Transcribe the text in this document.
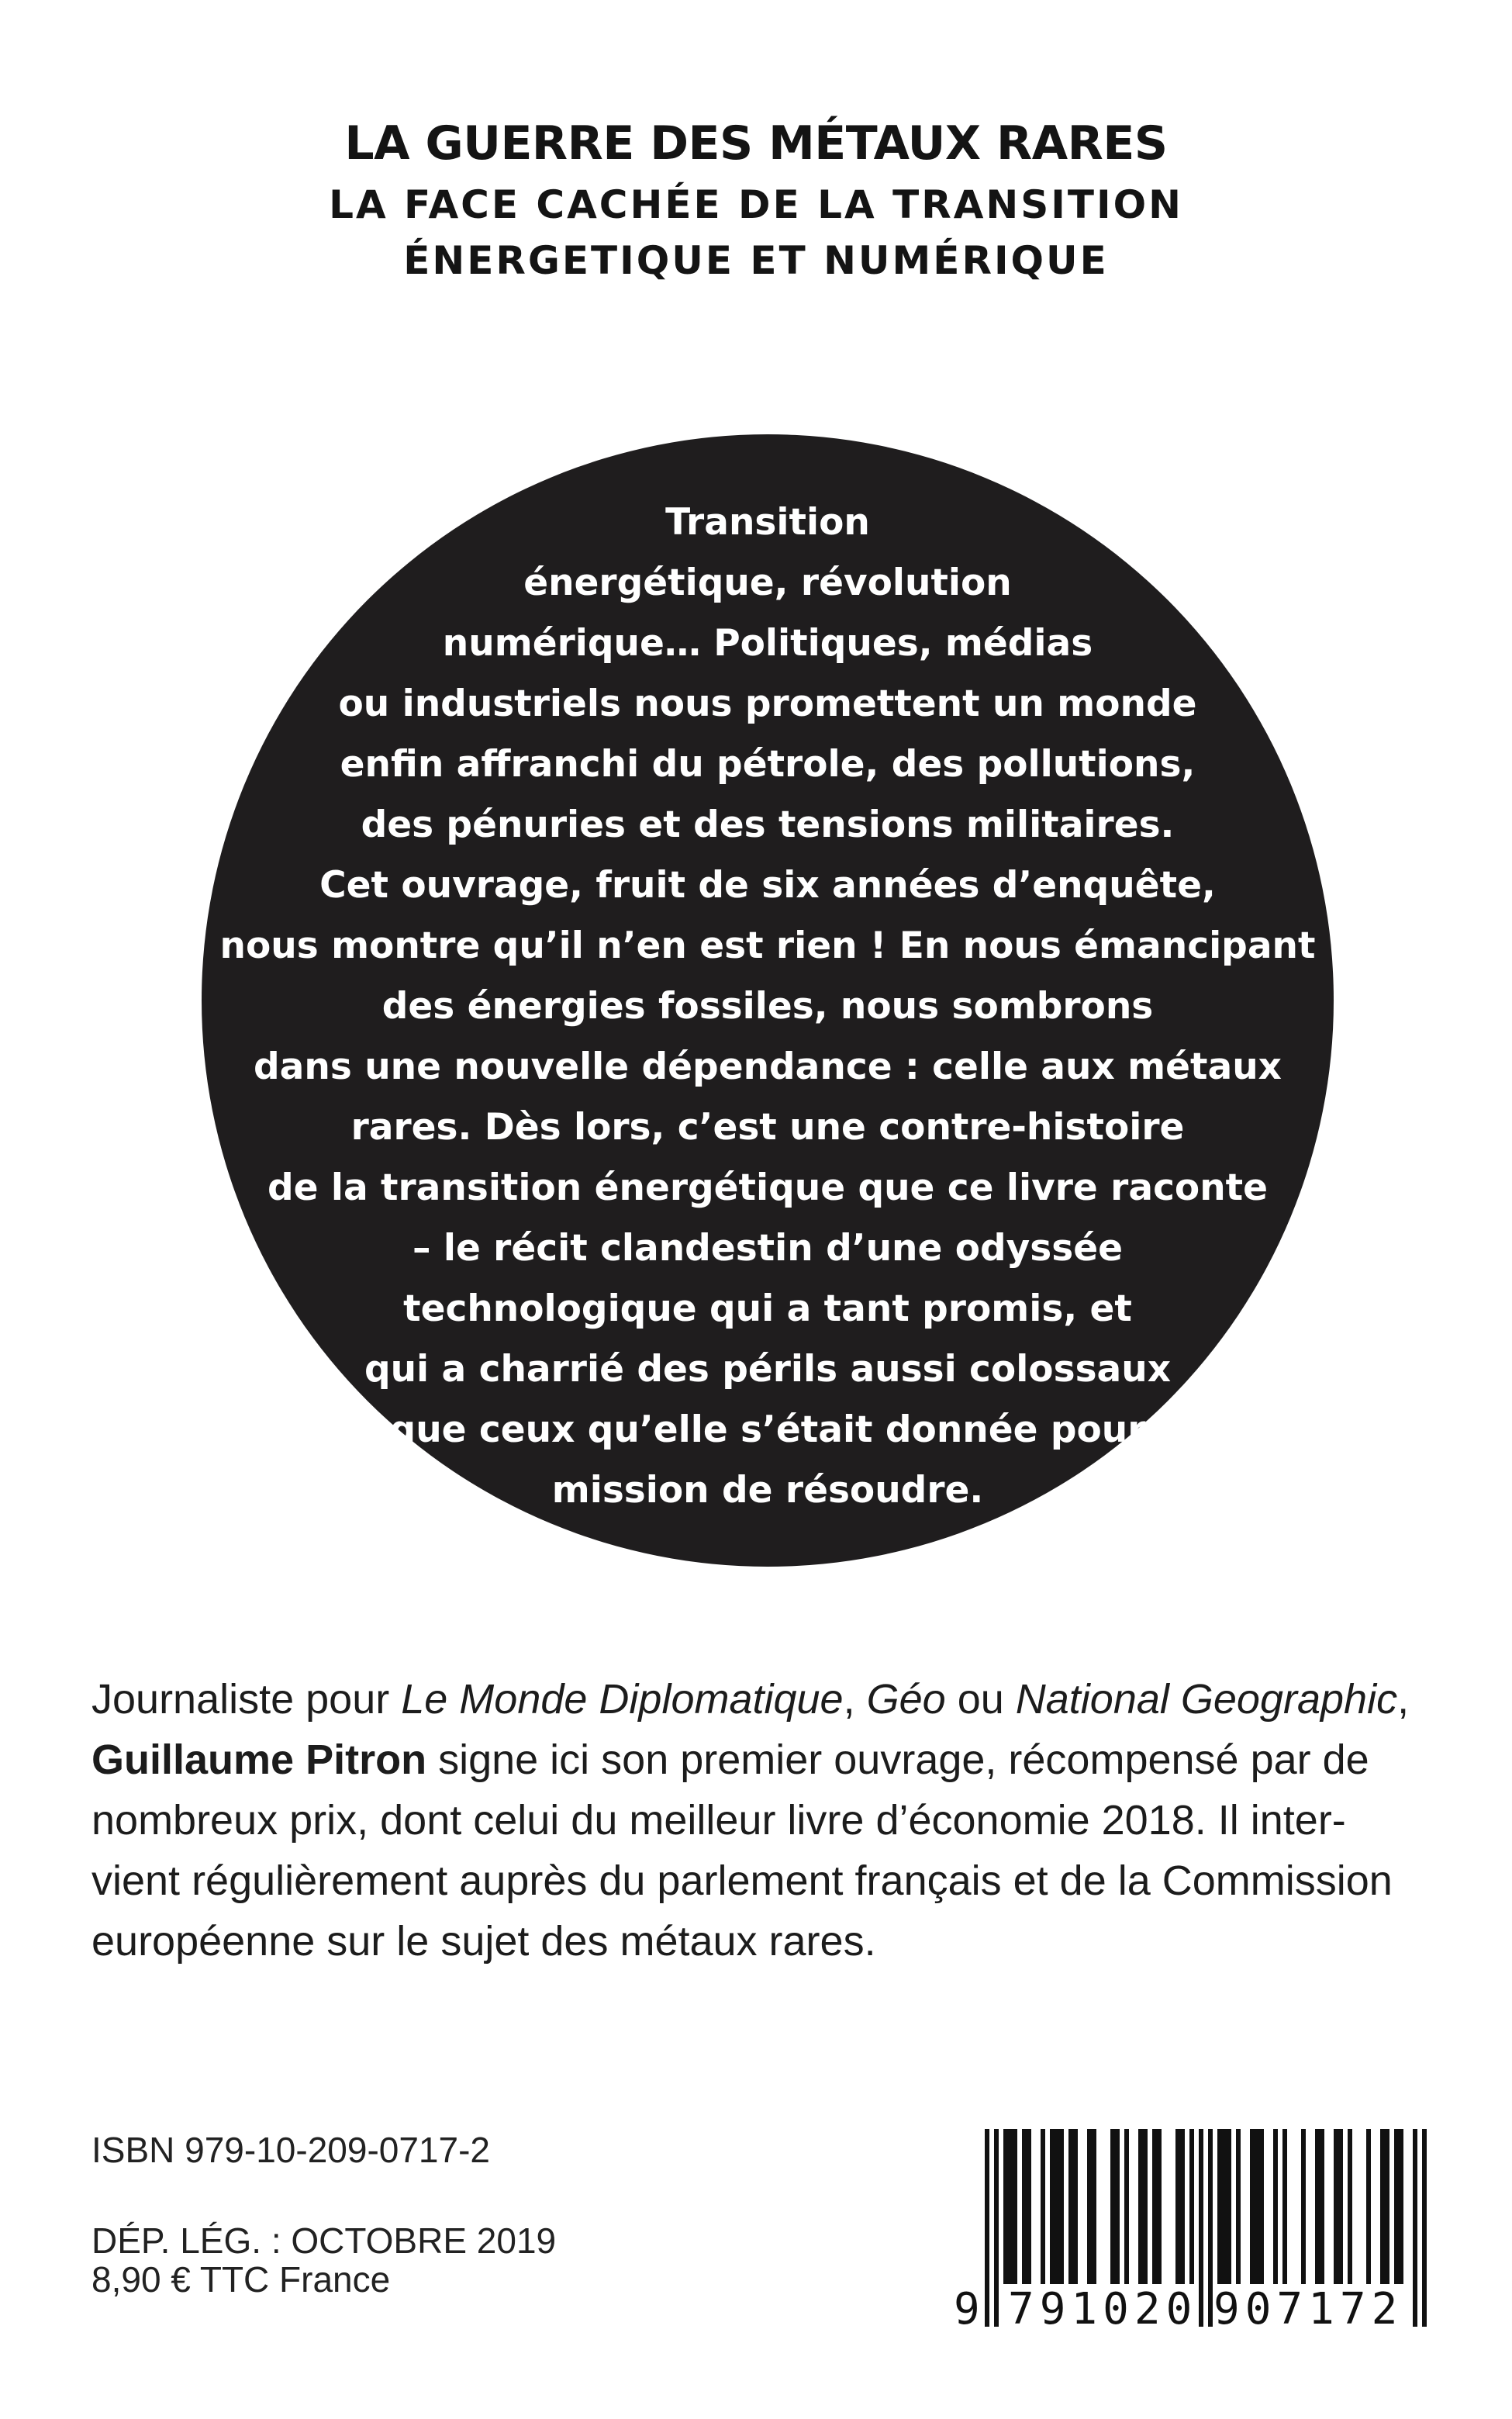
LA GUERRE DES MÉTAUX RARES
LA FACE CACHÉE DE LA TRANSITION
ÉNERGETIQUE ET NUMÉRIQUE
Transition
énergétique, révolution
numérique… Politiques, médias
ou industriels nous promettent un monde
enfin affranchi du pétrole, des pollutions,
des pénuries et des tensions militaires.
Cet ouvrage, fruit de six années d’enquête,
nous montre qu’il n’en est rien ! En nous émancipant
des énergies fossiles, nous sombrons
dans une nouvelle dépendance : celle aux métaux
rares. Dès lors, c’est une contre-histoire
de la transition énergétique que ce livre raconte
– le récit clandestin d’une odyssée
technologique qui a tant promis, et
qui a charrié des périls aussi colossaux
que ceux qu’elle s’était donnée pour
mission de résoudre.
Journaliste pour Le Monde Diplomatique, Géo ou National Geographic,
Guillaume Pitron signe ici son premier ouvrage, récompensé par de
nombreux prix, dont celui du meilleur livre d’économie 2018. Il inter-
vient régulièrement auprès du parlement français et de la Commission
européenne sur le sujet des métaux rares.
ISBN 979-10-209-0717-2
DÉP. LÉG. : OCTOBRE 2019
8,90 € TTC France
9 791020 907172
